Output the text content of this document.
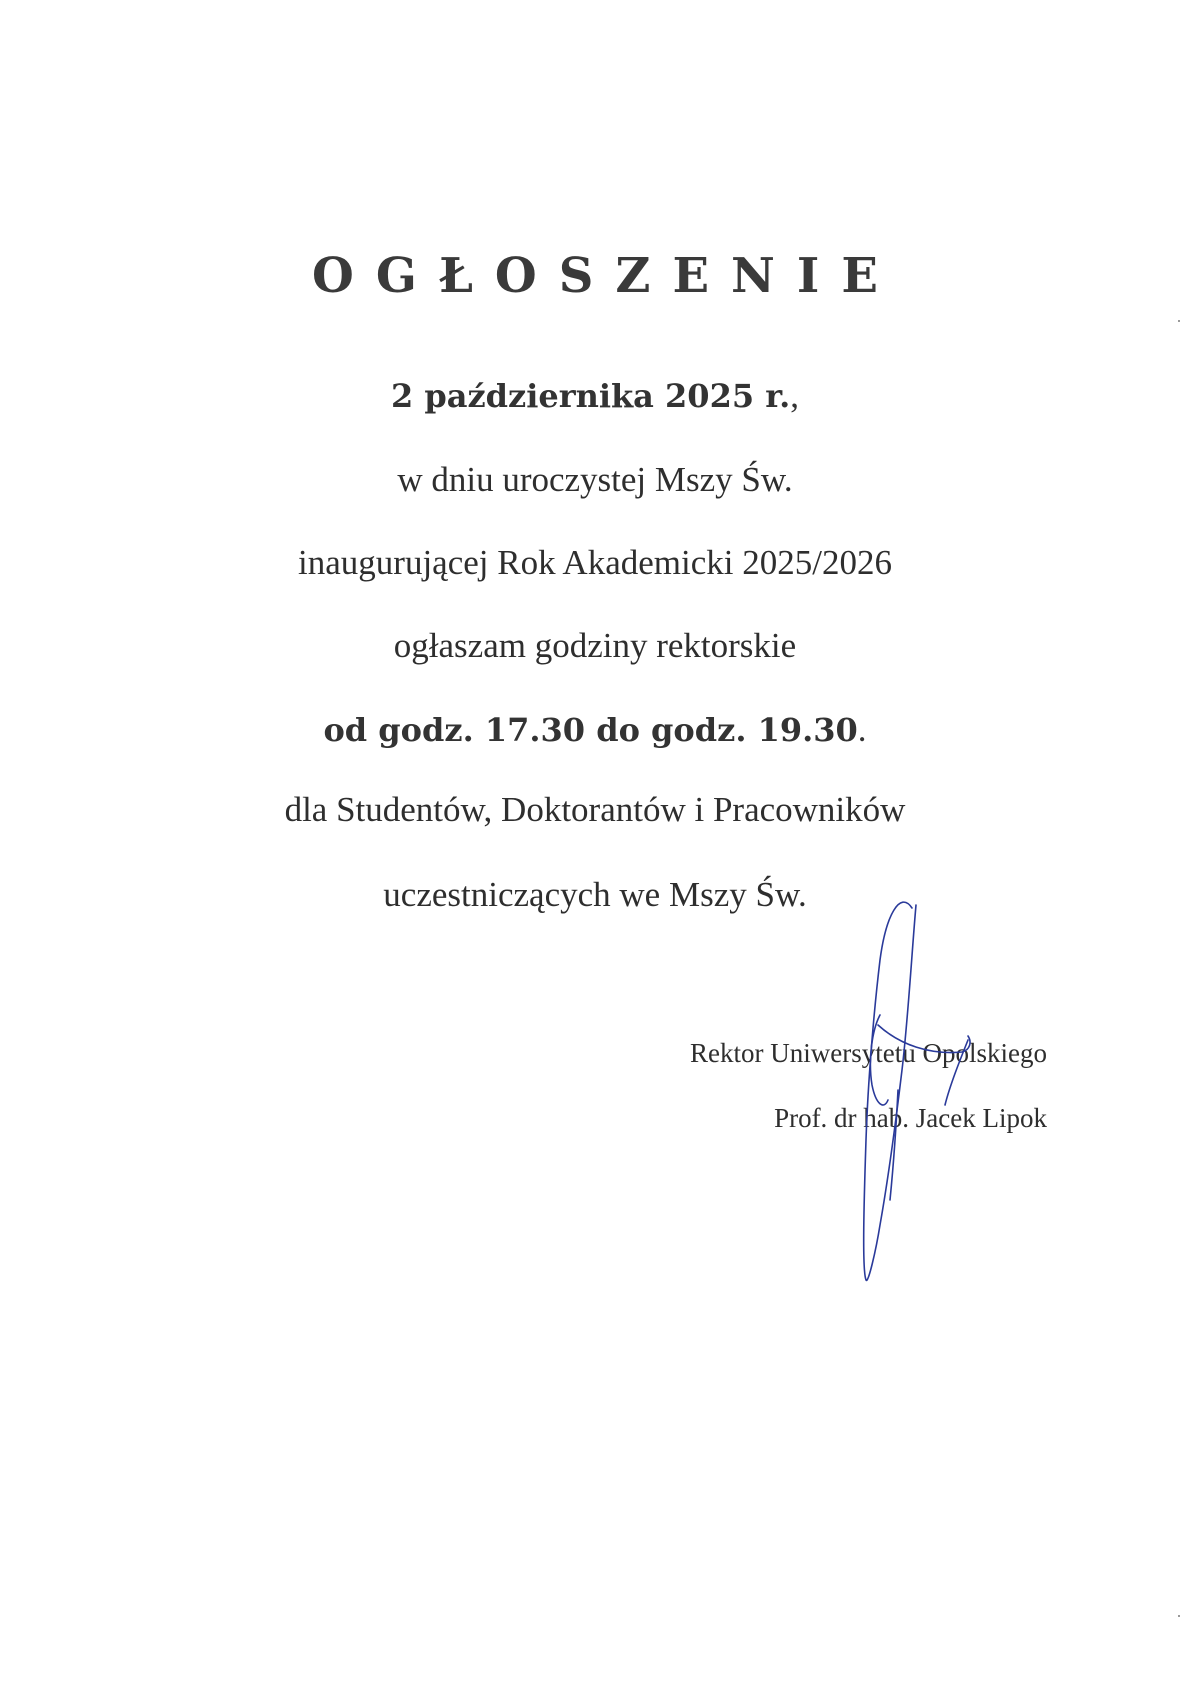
OGŁOSZENIE
2 października 2025 r.,
w dniu uroczystej Mszy Św.
inaugurującej Rok Akademicki 2025/2026
ogłaszam godziny rektorskie
od godz. 17.30 do godz. 19.30.
dla Studentów, Doktorantów i Pracowników
uczestniczących we Mszy Św.
Rektor Uniwersytetu Opolskiego
Prof. dr hab. Jacek Lipok
